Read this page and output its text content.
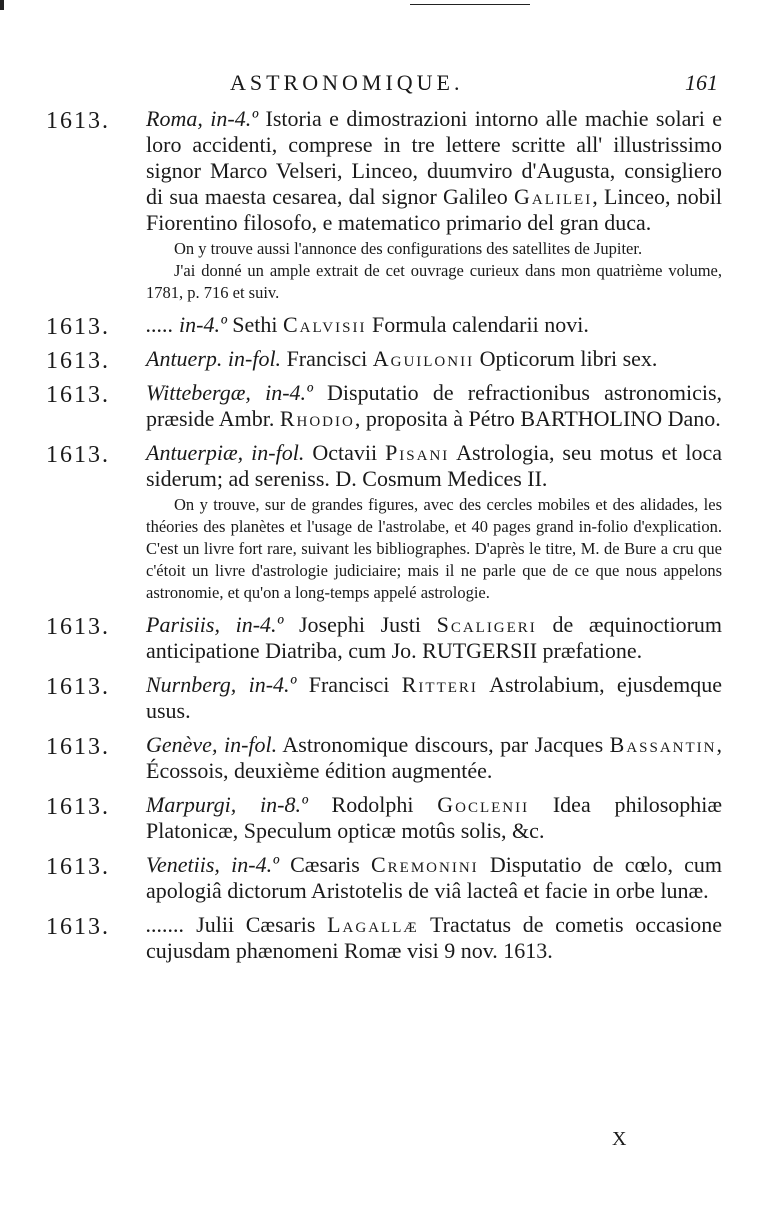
ASTRONOMIQUE.	161
1613.	Roma, in-4.º Istoria e dimostrazioni intorno alle machie solari e loro accidenti, comprese in tre lettere scritte all' illustrissimo signor Marco Velseri, Linceo, duumviro d'Augusta, consigliero di sua maesta cesarea, dal signor Galileo Galilei, Linceo, nobil Fiorentino filosofo, e matematico primario del gran duca.

On y trouve aussi l'annonce des configurations des satellites de Jupiter.

J'ai donné un ample extrait de cet ouvrage curieux dans mon quatrième volume, 1781, p. 716 et suiv.

1613.	..... in-4.º Sethi Calvisii Formula calendarii novi.
1613.	Antuerp. in-fol. Francisci Aguilonii Opticorum libri sex.
1613.	Wittebergæ, in-4.º Disputatio de refractionibus astronomicis, præside Ambr. Rhodio, proposita à Pétro BARTHOLINO Dano.
1613.	Antuerpiæ, in-fol. Octavii Pisani Astrologia, seu motus et loca siderum; ad sereniss. D. Cosmum Medices II.

On y trouve, sur de grandes figures, avec des cercles mobiles et des alidades, les théories des planètes et l'usage de l'astrolabe, et 40 pages grand in-folio d'explication. C'est un livre fort rare, suivant les bibliographes. D'après le titre, M. de Bure a cru que c'étoit un livre d'astrologie judiciaire; mais il ne parle que de ce que nous appelons astronomie, et qu'on a long-temps appelé astrologie.

1613.	Parisiis, in-4.º Josephi Justi Scaligeri de æquinoctiorum anticipatione Diatriba, cum Jo. RUTGERSII præfatione.
1613.	Nurnberg, in-4.º Francisci Ritteri Astrolabium, ejusdemque usus.
1613.	Genève, in-fol. Astronomique discours, par Jacques Bassantin, Écossois, deuxième édition augmentée.
1613.	Marpurgi, in-8.º Rodolphi Goclenii Idea philosophiæ Platonicæ, Speculum opticæ motûs solis, &c.
1613.	Venetiis, in-4.º Cæsaris Cremonini Disputatio de cœlo, cum apologiâ dictorum Aristotelis de viâ lacteâ et facie in orbe lunæ.
1613.	....... Julii Cæsaris Lagallæ Tractatus de cometis occasione cujusdam phænomeni Romæ visi 9 nov. 1613.
X
